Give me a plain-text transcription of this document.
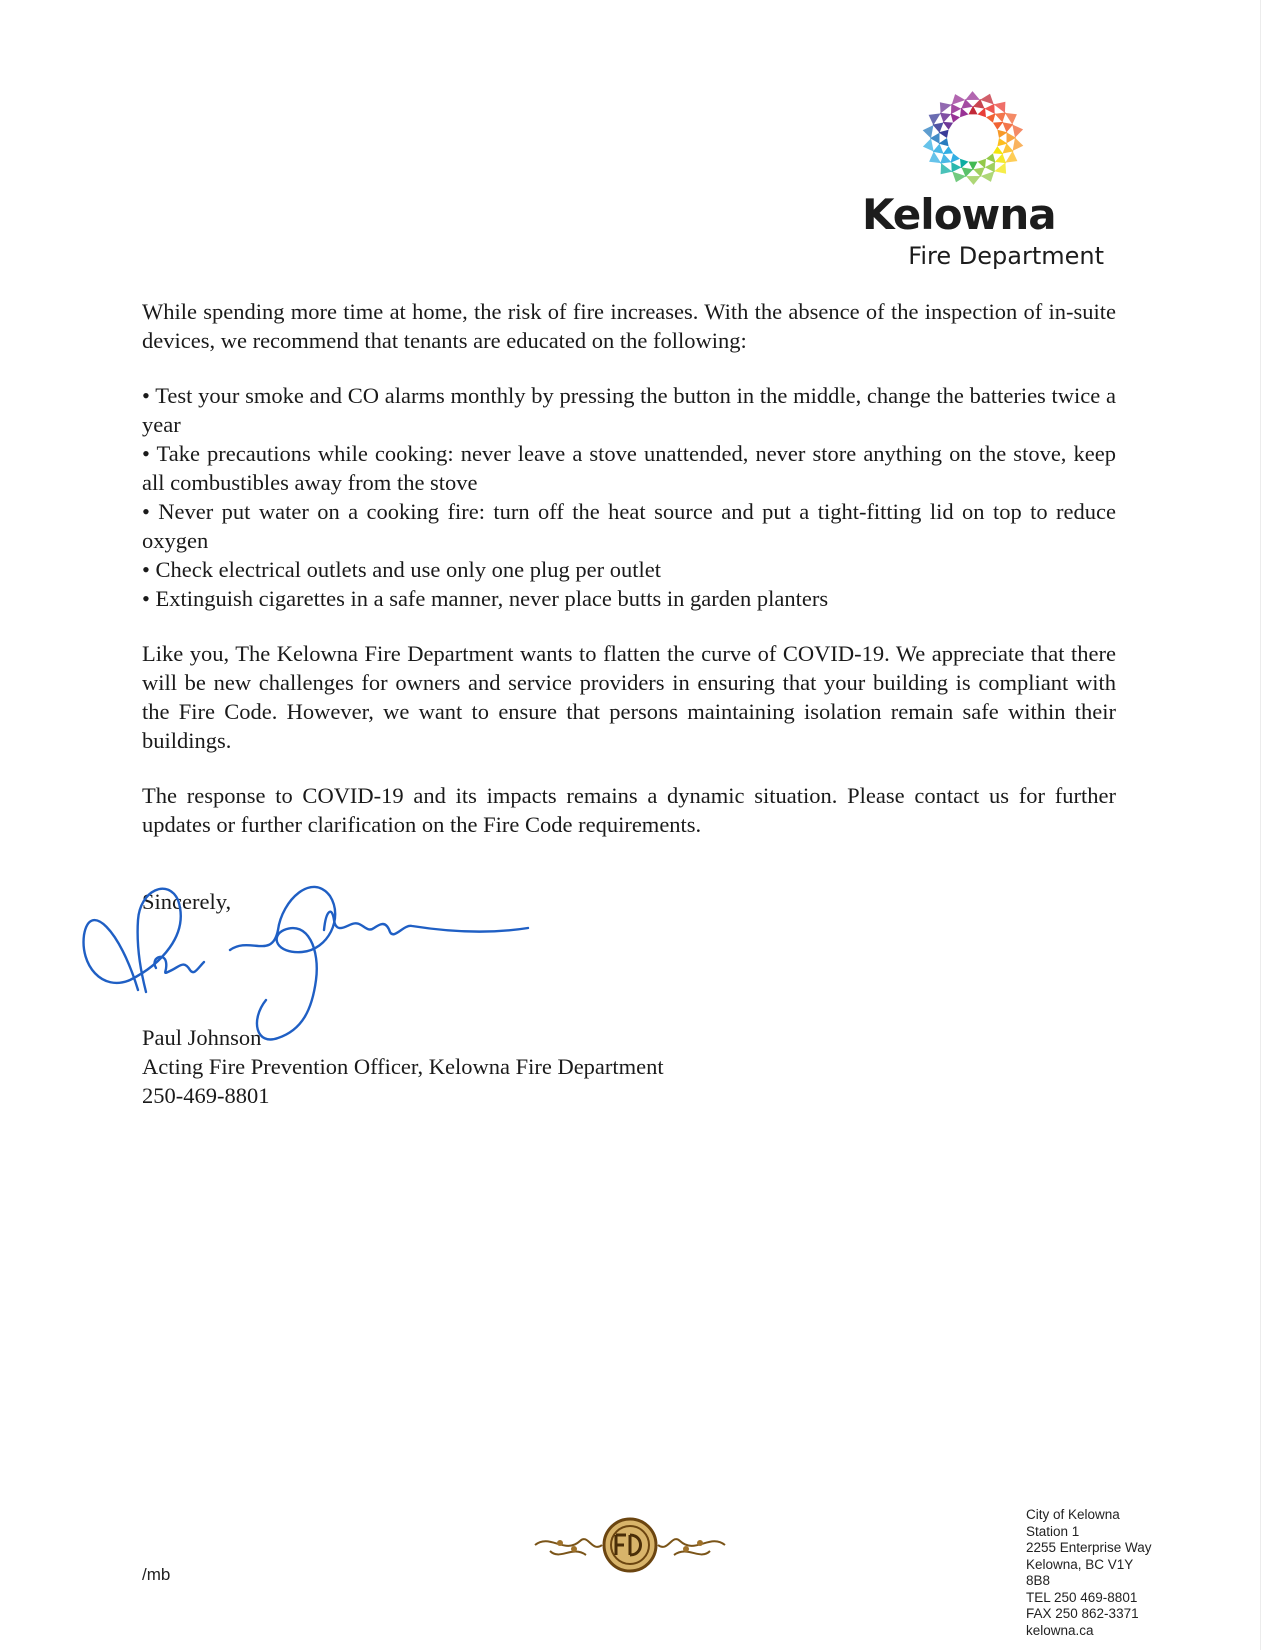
Kelowna
Fire Department

While spending more time at home, the risk of fire increases. With the absence of the inspection of in-suite devices, we recommend that tenants are educated on the following:

• Test your smoke and CO alarms monthly by pressing the button in the middle, change the batteries twice a year
• Take precautions while cooking: never leave a stove unattended, never store anything on the stove, keep all combustibles away from the stove
• Never put water on a cooking fire: turn off the heat source and put a tight-fitting lid on top to reduce oxygen
• Check electrical outlets and use only one plug per outlet
• Extinguish cigarettes in a safe manner, never place butts in garden planters

Like you, The Kelowna Fire Department wants to flatten the curve of COVID-19. We appreciate that there will be new challenges for owners and service providers in ensuring that your building is compliant with the Fire Code. However, we want to ensure that persons maintaining isolation remain safe within their buildings.

The response to COVID-19 and its impacts remains a dynamic situation. Please contact us for further updates or further clarification on the Fire Code requirements.

Sincerely,
Paul Johnson
Acting Fire Prevention Officer, Kelowna Fire Department
250-469-8801
/mb
City of Kelowna
Station 1
2255 Enterprise Way
Kelowna, BC V1Y
8B8
TEL 250 469-8801
FAX 250 862-3371
kelowna.ca
